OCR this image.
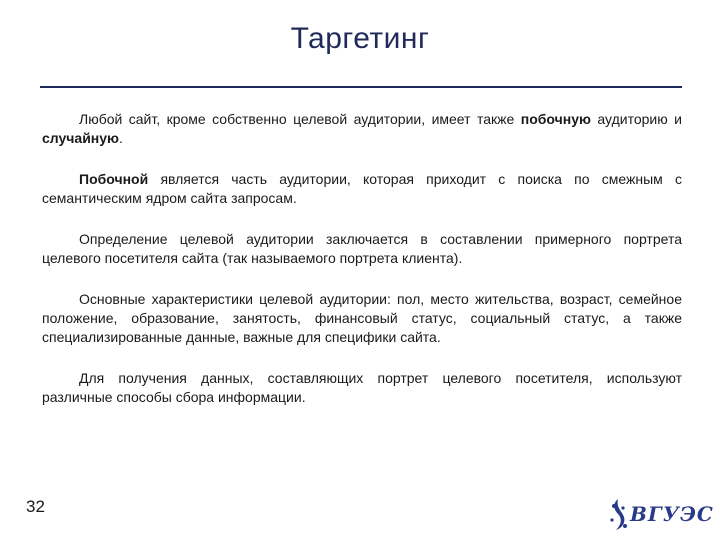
Таргетинг

Любой сайт, кроме собственно целевой аудитории, имеет также побочную аудиторию и случайную.

Побочной является часть аудитории, которая приходит с поиска по смежным с семантическим ядром сайта запросам.

Определение целевой аудитории заключается в составлении примерного портрета целевого посетителя сайта (так называемого портрета клиента).

Основные характеристики целевой аудитории: пол, место жительства, возраст, семейное положение, образование, занятость, финансовый статус, социальный статус, а также специализированные данные, важные для специфики сайта.

Для получения данных, составляющих портрет целевого посетителя, используют различные способы сбора информации.

32	ВГУЭС
